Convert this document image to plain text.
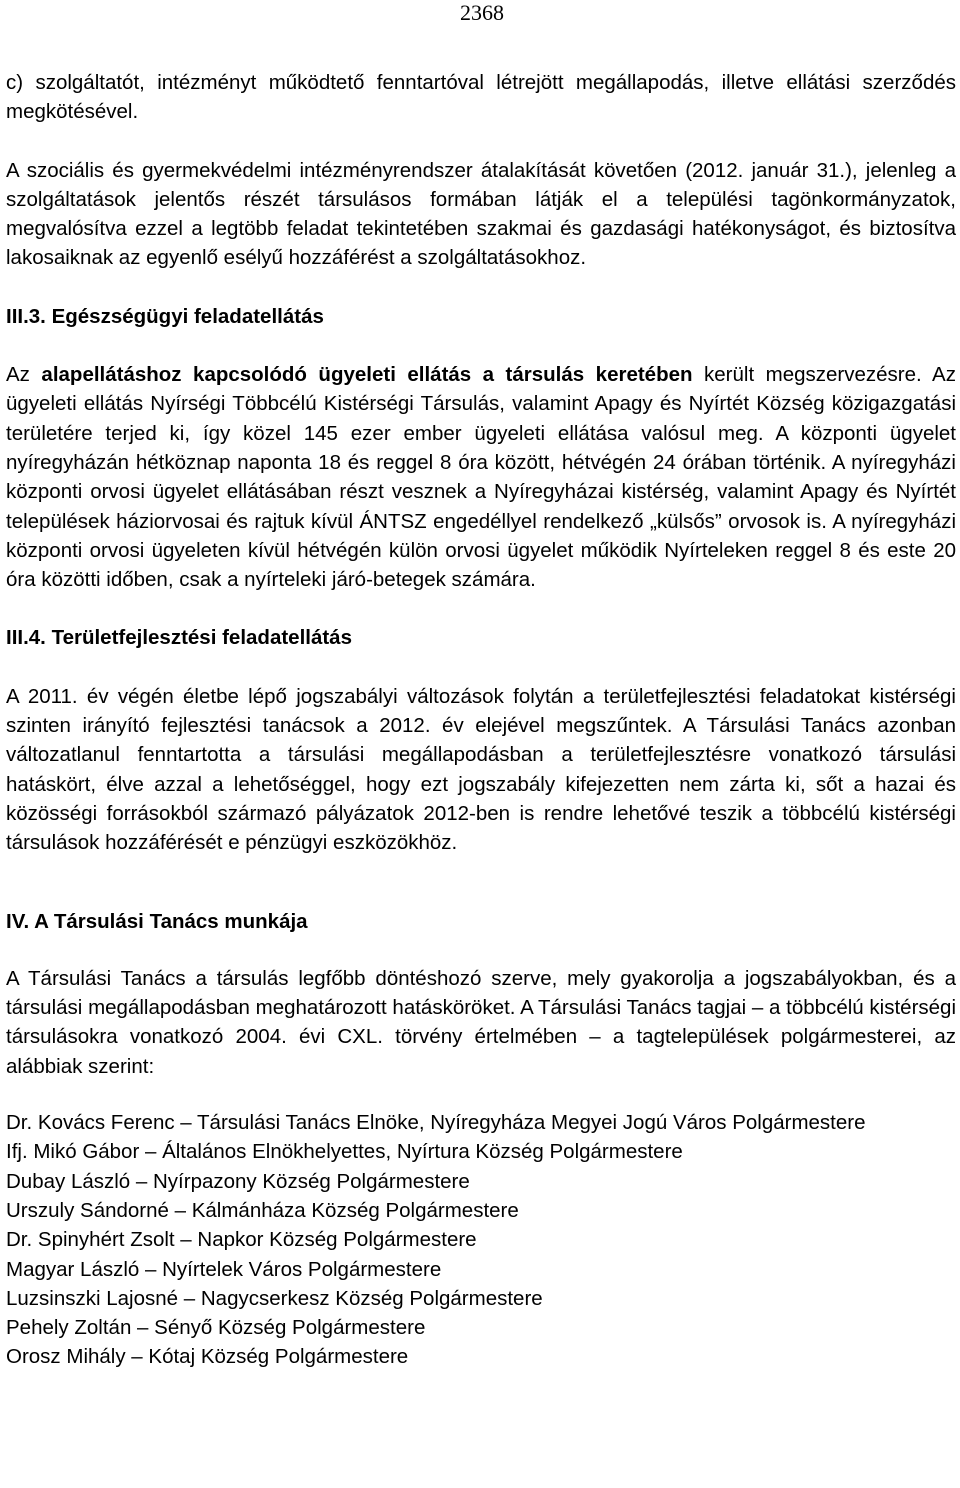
2368

c) szolgáltatót, intézményt működtető fenntartóval létrejött megállapodás, illetve ellátási szerződés megkötésével.

A szociális és gyermekvédelmi intézményrendszer átalakítását követően (2012. január 31.), jelenleg a szolgáltatások jelentős részét társulásos formában látják el a települési tagönkormányzatok, megvalósítva ezzel a legtöbb feladat tekintetében szakmai és gazdasági hatékonyságot, és biztosítva lakosaiknak az egyenlő esélyű hozzáférést a szolgáltatásokhoz.

III.3. Egészségügyi feladatellátás

Az alapellátáshoz kapcsolódó ügyeleti ellátás a társulás keretében került megszervezésre. Az ügyeleti ellátás Nyírségi Többcélú Kistérségi Társulás, valamint Apagy és Nyírtét Község közigazgatási területére terjed ki, így közel 145 ezer ember ügyeleti ellátása valósul meg. A központi ügyelet nyíregyházán hétköznap naponta 18 és reggel 8 óra között, hétvégén 24 órában történik. A nyíregyházi központi orvosi ügyelet ellátásában részt vesznek a Nyíregyházai kistérség, valamint Apagy és Nyírtét települések háziorvosai és rajtuk kívül ÁNTSZ engedéllyel rendelkező „külsős” orvosok is. A nyíregyházi központi orvosi ügyeleten kívül hétvégén külön orvosi ügyelet működik Nyírteleken reggel 8 és este 20 óra közötti időben, csak a nyírteleki járó-betegek számára.

III.4. Területfejlesztési feladatellátás

A 2011. év végén életbe lépő jogszabályi változások folytán a területfejlesztési feladatokat kistérségi szinten irányító fejlesztési tanácsok a 2012. év elejével megszűntek. A Társulási Tanács azonban változatlanul fenntartotta a társulási megállapodásban a területfejlesztésre vonatkozó társulási hatáskört, élve azzal a lehetőséggel, hogy ezt jogszabály kifejezetten nem zárta ki, sőt a hazai és közösségi forrásokból származó pályázatok 2012-ben is rendre lehetővé teszik a többcélú kistérségi társulások hozzáférését e pénzügyi eszközökhöz.

IV. A Társulási Tanács munkája

A Társulási Tanács a társulás legfőbb döntéshozó szerve, mely gyakorolja a jogszabályokban, és a társulási megállapodásban meghatározott hatásköröket. A Társulási Tanács tagjai – a többcélú kistérségi társulásokra vonatkozó 2004. évi CXL. törvény értelmében – a tagtelepülések polgármesterei, az alábbiak szerint:

Dr. Kovács Ferenc – Társulási Tanács Elnöke, Nyíregyháza Megyei Jogú Város Polgármestere

Ifj. Mikó Gábor – Általános Elnökhelyettes, Nyírtura Község Polgármestere

Dubay László – Nyírpazony Község Polgármestere

Urszuly Sándorné – Kálmánháza Község Polgármestere

Dr. Spinyhért Zsolt – Napkor Község Polgármestere

Magyar László – Nyírtelek Város Polgármestere

Luzsinszki Lajosné – Nagycserkesz Község Polgármestere

Pehely Zoltán – Sényő Község Polgármestere

Orosz Mihály – Kótaj Község Polgármestere
